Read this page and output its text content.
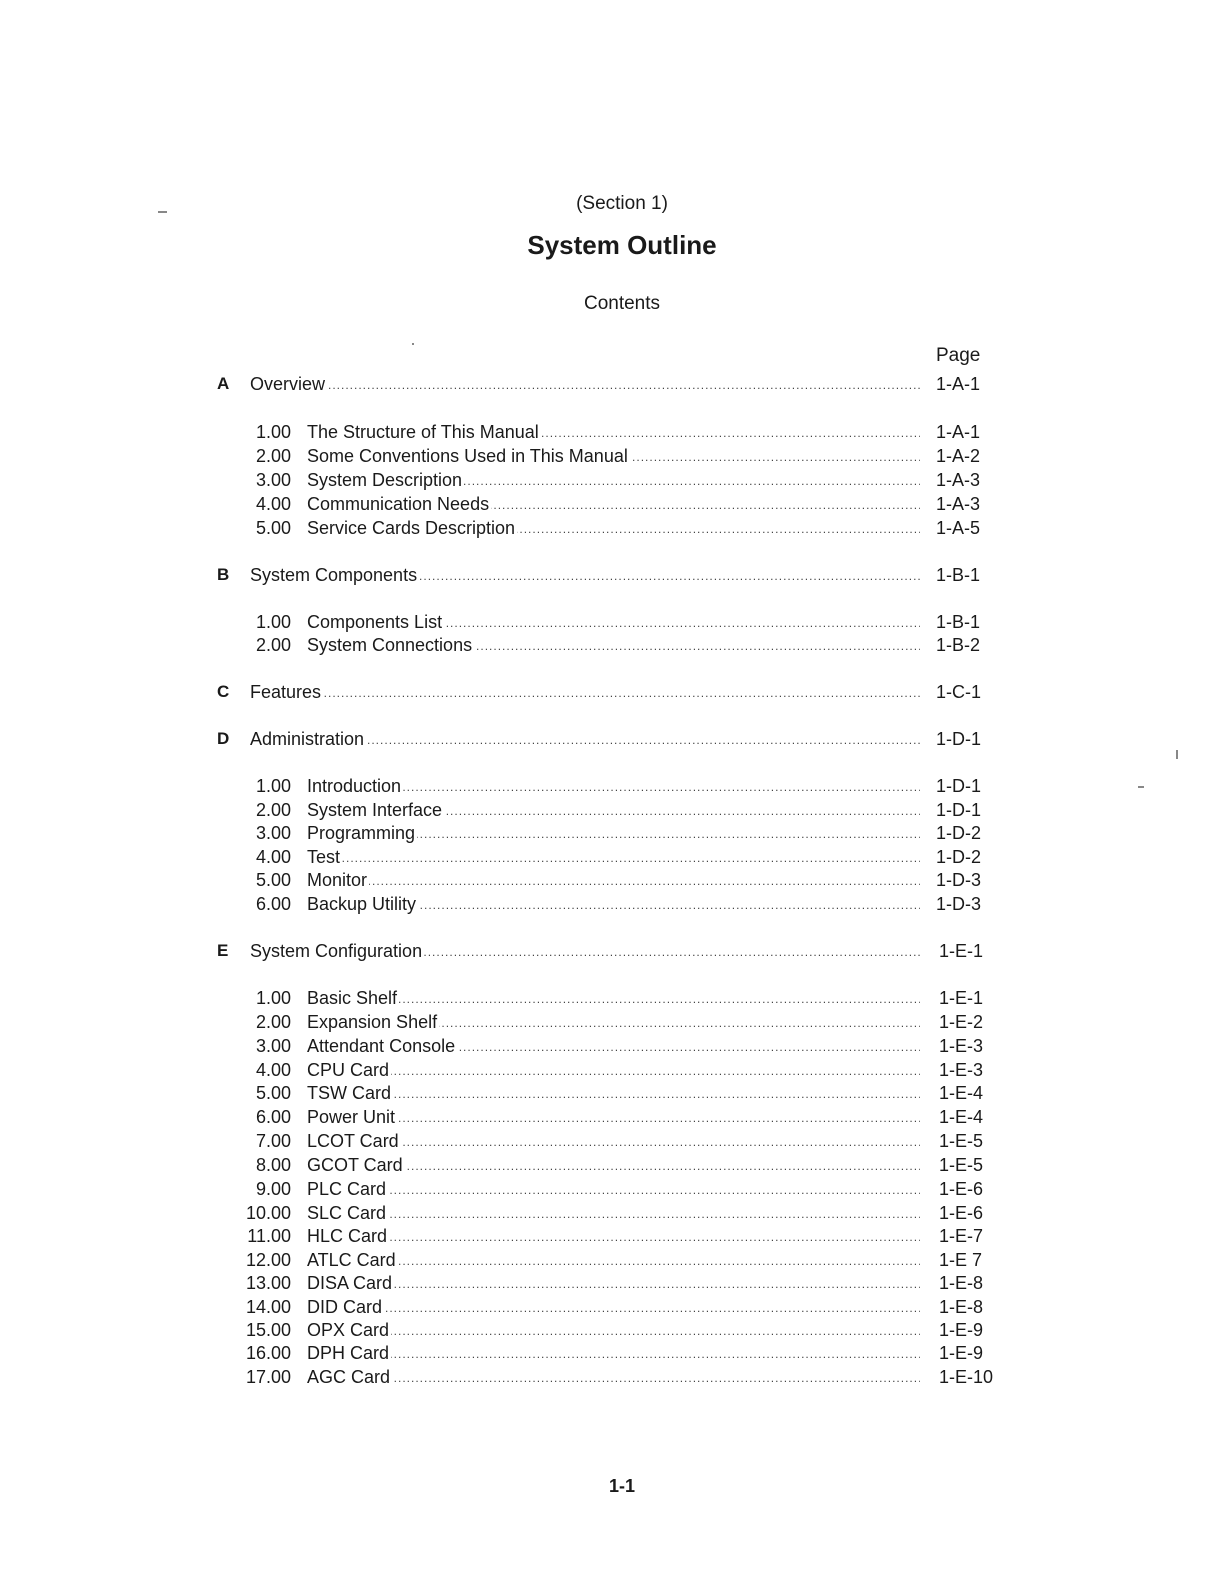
(Section 1)
System Outline
Contents
Page
A	Overview .....	1-A-1
1.00 The Structure of This Manual .....	1-A-1
2.00 Some Conventions Used in This Manual .....	1-A-2
3.00 System Description .....	1-A-3
4.00 Communication Needs .....	1-A-3
5.00 Service Cards Description .....	1-A-5
B	System Components .....	1-B-1
1.00 Components List .....	1-B-1
2.00 System Connections .....	1-B-2
C	Features .....	1-C-1
D	Administration .....	1-D-1
1.00 Introduction .....	1-D-1
2.00 System Interface .....	1-D-1
3.00 Programming .....	1-D-2
4.00 Test .....	1-D-2
5.00 Monitor .....	1-D-3
6.00 Backup Utility .....	1-D-3
E	System Configuration .....	1-E-1
1.00 Basic Shelf .....	1-E-1
2.00 Expansion Shelf .....	1-E-2
3.00 Attendant Console .....	1-E-3
4.00 CPU Card .....	1-E-3
5.00 TSW Card .....	1-E-4
6.00 Power Unit .....	1-E-4
7.00 LCOT Card .....	1-E-5
8.00 GCOT Card .....	1-E-5
9.00 PLC Card .....	1-E-6
10.00 SLC Card .....	1-E-6
11.00 HLC Card .....	1-E-7
12.00 ATLC Card .....	1-E 7
13.00 DISA Card .....	1-E-8
14.00 DID Card .....	1-E-8
15.00 OPX Card .....	1-E-9
16.00 DPH Card .....	1-E-9
17.00 AGC Card .....	1-E-10
1-1
